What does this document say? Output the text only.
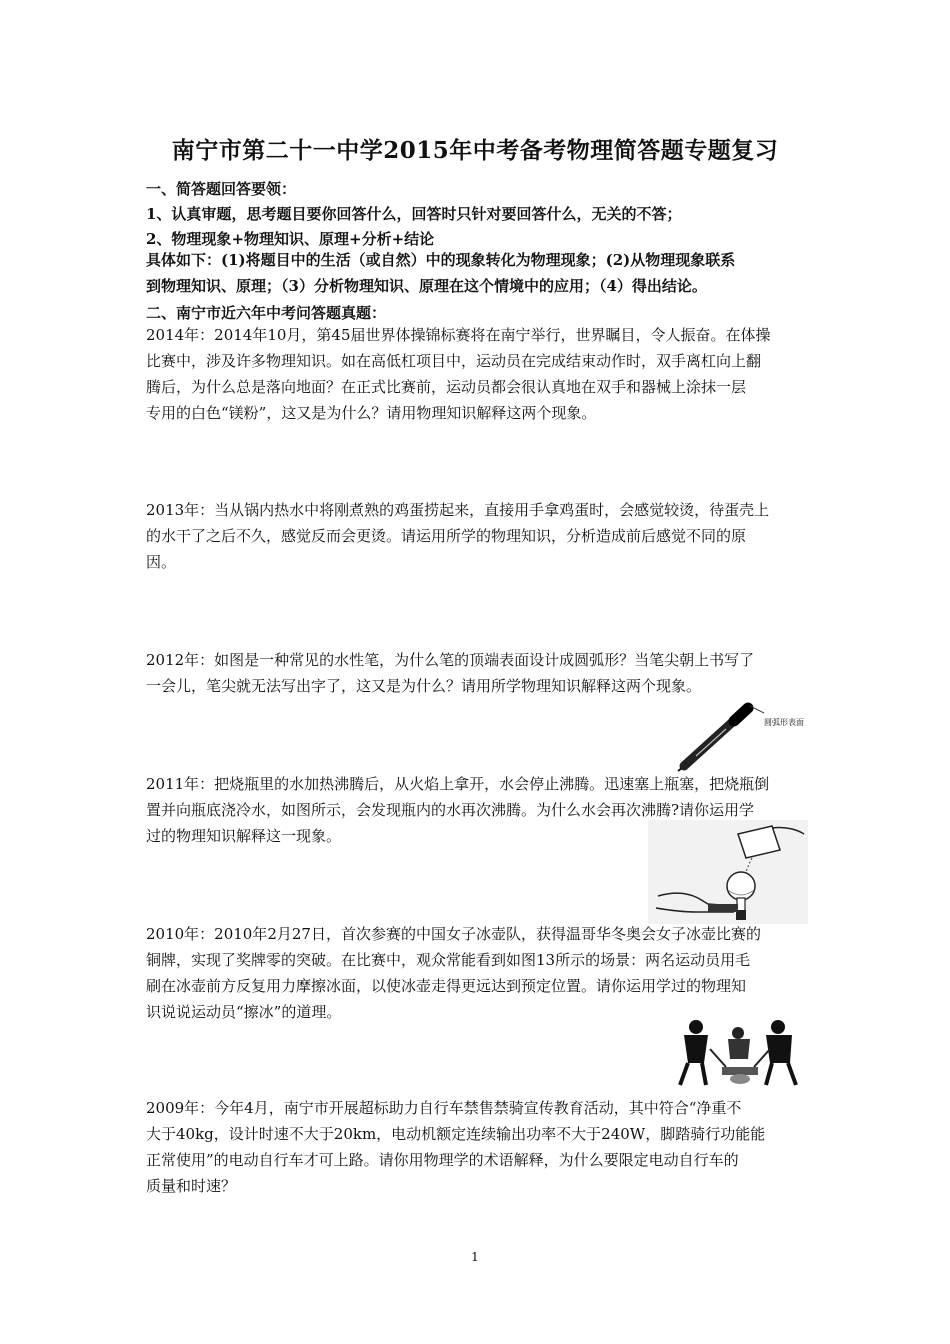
南宁市第二十一中学2015年中考备考物理简答题专题复习
一、简答题回答要领：
1、认真审题，思考题目要你回答什么，回答时只针对要回答什么，无关的不答；
2、物理现象+物理知识、原理+分析+结论
具体如下：(1)将题目中的生活（或自然）中的现象转化为物理现象；(2)从物理现象联系
到物理知识、原理；（3）分析物理知识、原理在这个情境中的应用；（4）得出结论。
二、南宁市近六年中考问答题真题：
2014年：2014年10月，第45届世界体操锦标赛将在南宁举行，世界瞩目，令人振奋。在体操
比赛中，涉及许多物理知识。如在高低杠项目中，运动员在完成结束动作时，双手离杠向上翻
腾后，为什么总是落向地面？在正式比赛前，运动员都会很认真地在双手和器械上涂抹一层
专用的白色“镁粉”，这又是为什么？请用物理知识解释这两个现象。
2013年：当从锅内热水中将刚煮熟的鸡蛋捞起来，直接用手拿鸡蛋时，会感觉较烫，待蛋壳上
的水干了之后不久，感觉反而会更烫。请运用所学的物理知识，分析造成前后感觉不同的原
因。
2012年：如图是一种常见的水性笔，为什么笔的顶端表面设计成圆弧形？当笔尖朝上书写了
一会儿，笔尖就无法写出字了，这又是为什么？请用所学物理知识解释这两个现象。
圆弧形表面
2011年：把烧瓶里的水加热沸腾后，从火焰上拿开，水会停止沸腾。迅速塞上瓶塞，把烧瓶倒
置并向瓶底浇冷水，如图所示，会发现瓶内的水再次沸腾。为什么水会再次沸腾?请你运用学
过的物理知识解释这一现象。
2010年：2010年2月27日，首次参赛的中国女子冰壶队，获得温哥华冬奥会女子冰壶比赛的
铜牌，实现了奖牌零的突破。在比赛中，观众常能看到如图13所示的场景：两名运动员用毛
刷在冰壶前方反复用力摩擦冰面，以使冰壶走得更远达到预定位置。请你运用学过的物理知
识说说运动员“擦冰”的道理。
2009年：今年4月，南宁市开展超标助力自行车禁售禁骑宣传教育活动，其中符合“净重不
大于40kg，设计时速不大于20km，电动机额定连续输出功率不大于240W，脚踏骑行功能能
正常使用”的电动自行车才可上路。请你用物理学的术语解释，为什么要限定电动自行车的
质量和时速？
1
